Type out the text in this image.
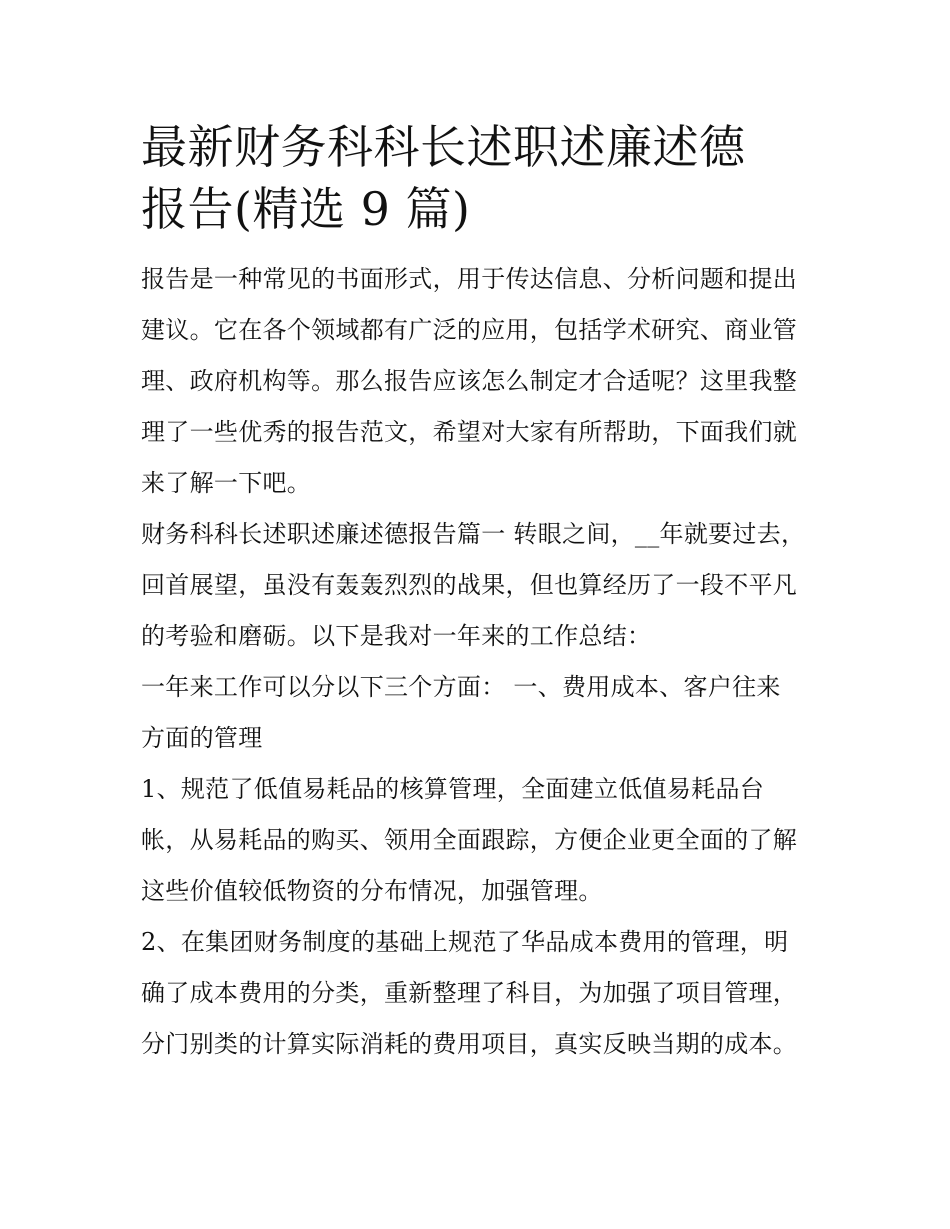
最新财务科科长述职述廉述德
报告(精选 9 篇)
报告是一种常见的书面形式，用于传达信息、分析问题和提出
建议。它在各个领域都有广泛的应用，包括学术研究、商业管
理、政府机构等。那么报告应该怎么制定才合适呢？这里我整
理了一些优秀的报告范文，希望对大家有所帮助，下面我们就
来了解一下吧。
财务科科长述职述廉述德报告篇一 转眼之间，__年就要过去，
回首展望，虽没有轰轰烈烈的战果，但也算经历了一段不平凡
的考验和磨砺。以下是我对一年来的工作总结：
一年来工作可以分以下三个方面： 一、费用成本、客户往来
方面的管理
1、规范了低值易耗品的核算管理，全面建立低值易耗品台
帐，从易耗品的购买、领用全面跟踪，方便企业更全面的了解
这些价值较低物资的分布情况，加强管理。
2、在集团财务制度的基础上规范了华品成本费用的管理，明
确了成本费用的分类，重新整理了科目，为加强了项目管理，
分门别类的计算实际消耗的费用项目，真实反映当期的成本。
